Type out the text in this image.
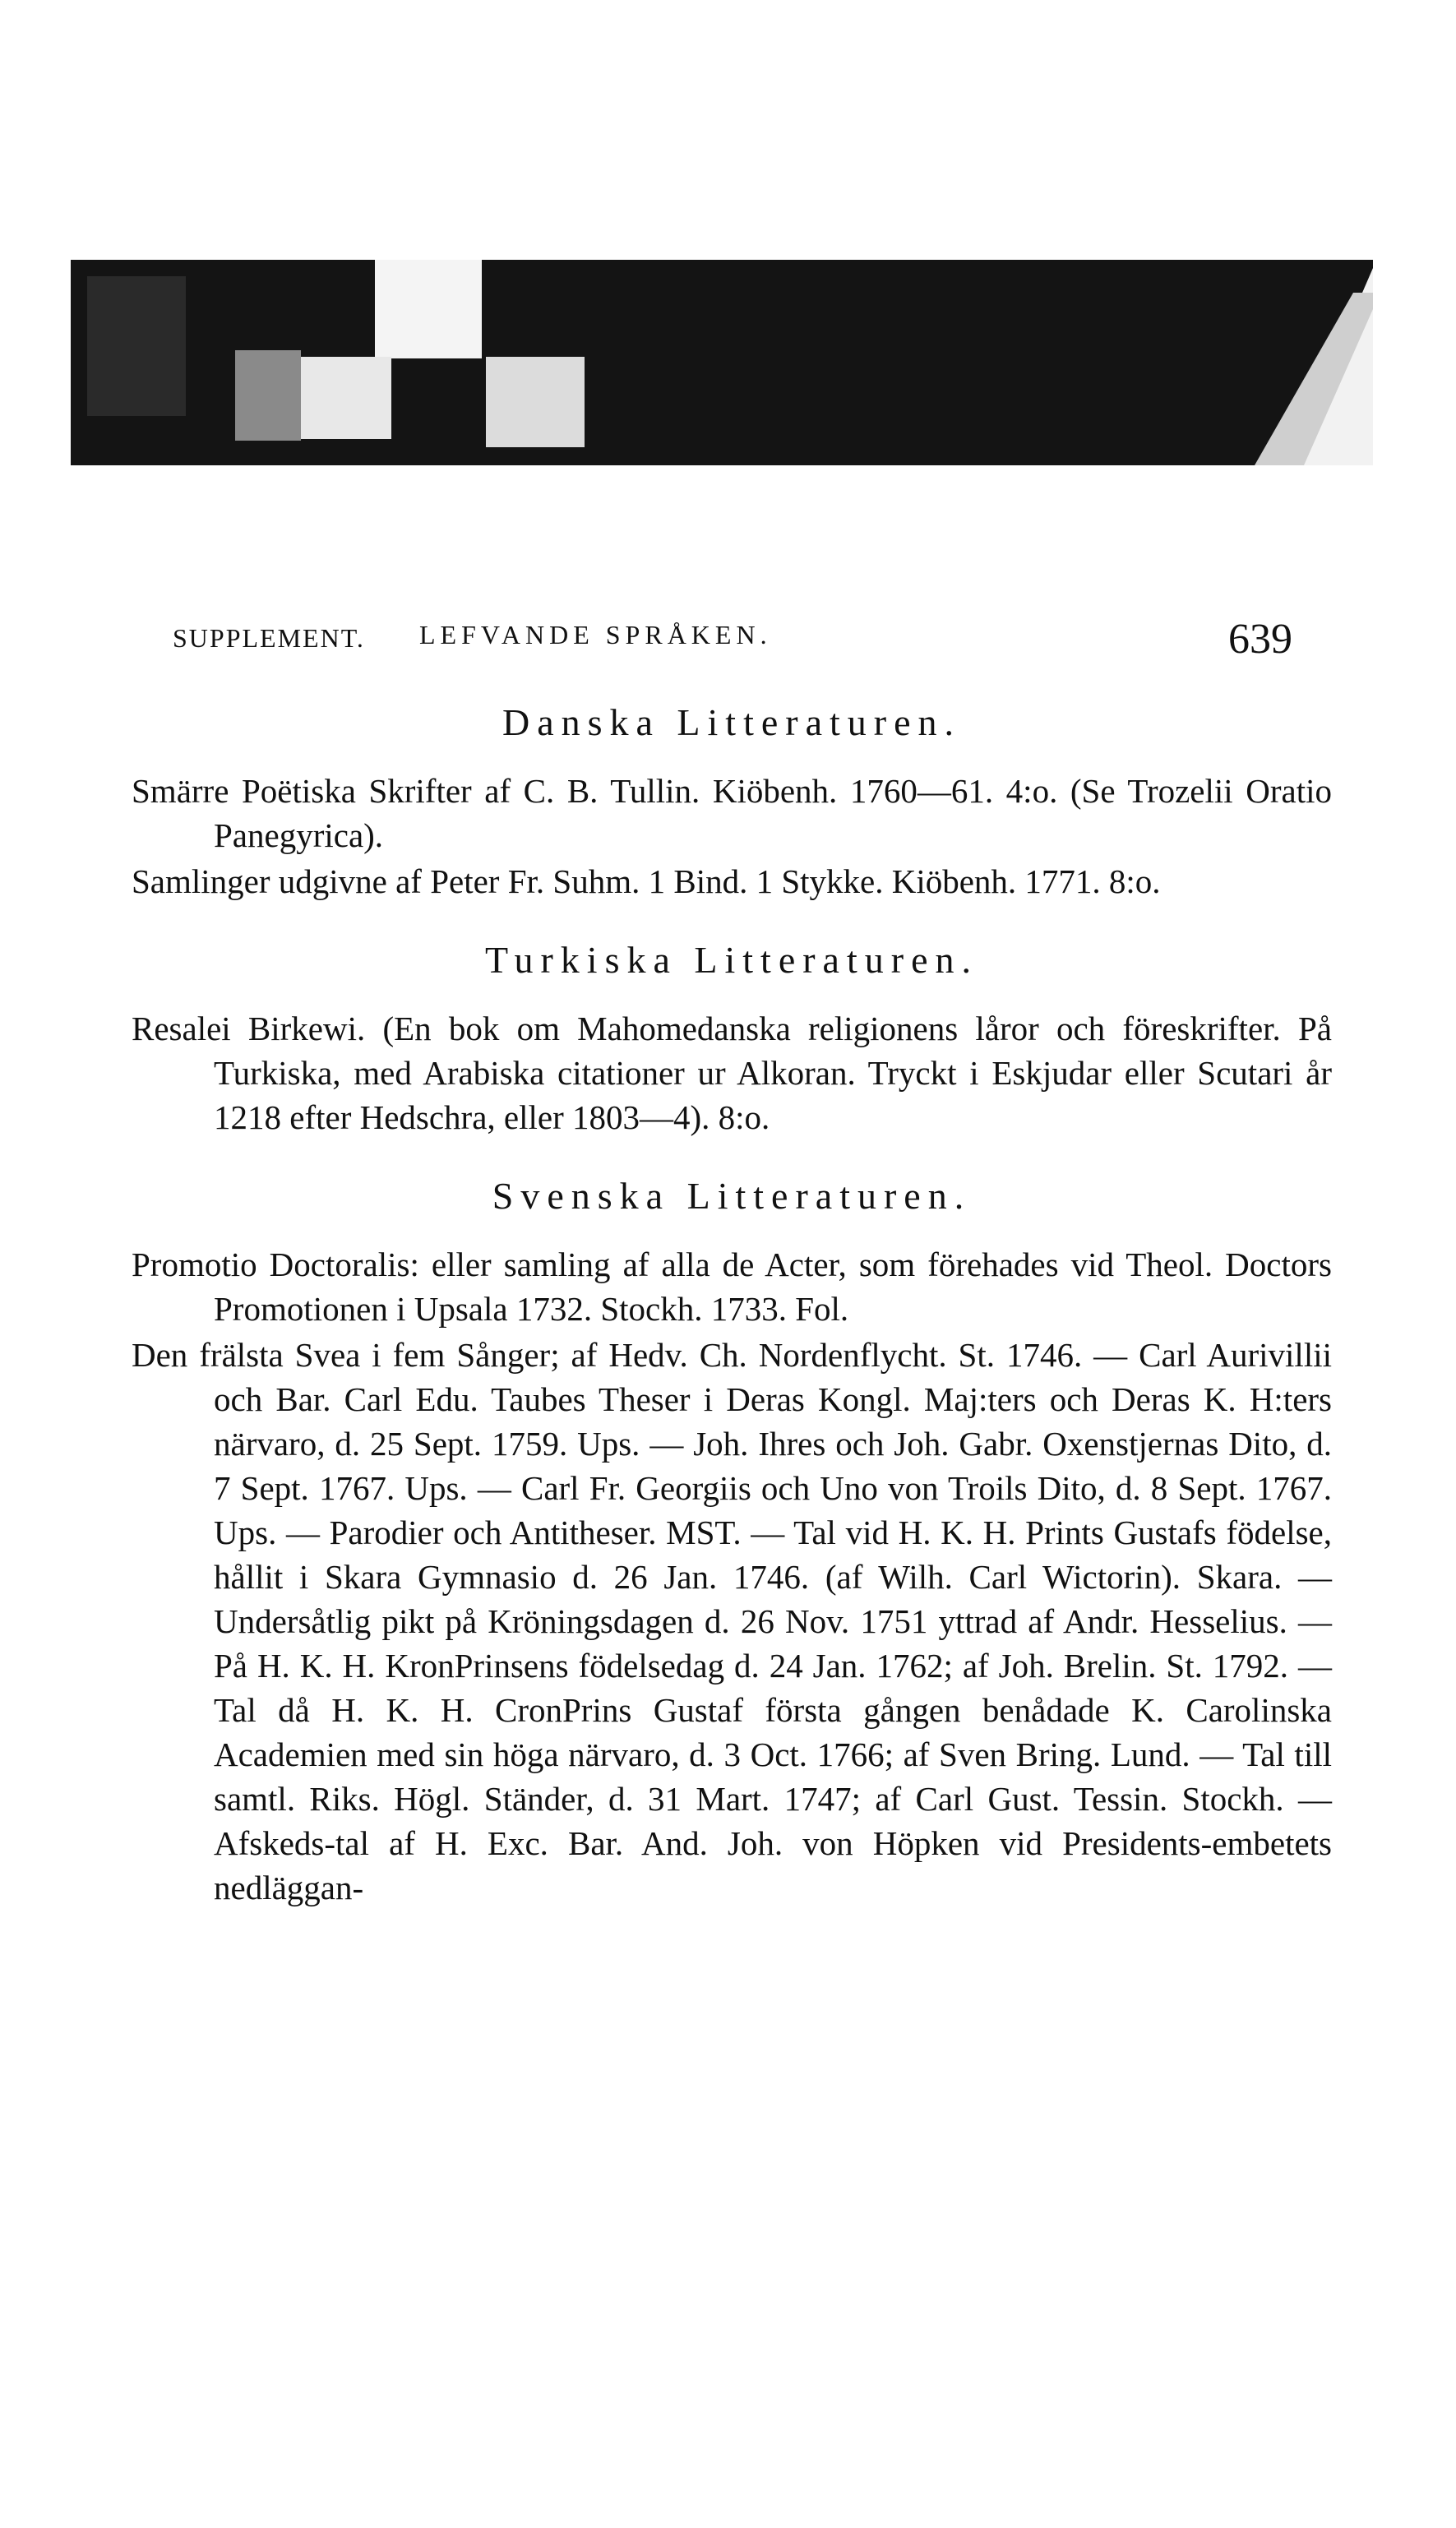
SUPPLEMENT. LEFVANDE SPRÅKEN.	639
Danska Litteraturen.

Smärre Poëtiska Skrifter af C. B. Tullin. Kiöbenh. 1760—61. 4:o. (Se Trozelii Oratio Panegyrica).

Samlinger udgivne af Peter Fr. Suhm. 1 Bind. 1 Stykke. Kiöbenh. 1771. 8:o.

Turkiska Litteraturen.

Resalei Birkewi. (En bok om Mahomedanska religionens låror och föreskrifter. På Turkiska, med Arabiska citationer ur Alkoran. Tryckt i Eskjudar eller Scutari år 1218 efter Hedschra, eller 1803—4). 8:o.

Svenska Litteraturen.

Promotio Doctoralis: eller samling af alla de Acter, som förehades vid Theol. Doctors Promotionen i Upsala 1732. Stockh. 1733. Fol.

Den frälsta Svea i fem Sånger; af Hedv. Ch. Nordenflycht. St. 1746. — Carl Aurivillii och Bar. Carl Edu. Taubes Theser i Deras Kongl. Maj:ters och Deras K. H:ters närvaro, d. 25 Sept. 1759. Ups. — Joh. Ihres och Joh. Gabr. Oxenstjernas Dito, d. 7 Sept. 1767. Ups. — Carl Fr. Georgiis och Uno von Troils Dito, d. 8 Sept. 1767. Ups. — Parodier och Antitheser. MST. — Tal vid H. K. H. Prints Gustafs födelse, hållit i Skara Gymnasio d. 26 Jan. 1746. (af Wilh. Carl Wictorin). Skara. — Undersåtlig pikt på Kröningsdagen d. 26 Nov. 1751 yttrad af Andr. Hesselius. — På H. K. H. KronPrinsens födelsedag d. 24 Jan. 1762; af Joh. Brelin. St. 1792. — Tal då H. K. H. CronPrins Gustaf första gången benådade K. Carolinska Academien med sin höga närvaro, d. 3 Oct. 1766; af Sven Bring. Lund. — Tal till samtl. Riks. Högl. Ständer, d. 31 Mart. 1747; af Carl Gust. Tessin. Stockh. — Afskeds-tal af H. Exc. Bar. And. Joh. von Höpken vid Presidents-embetets nedläggan-
